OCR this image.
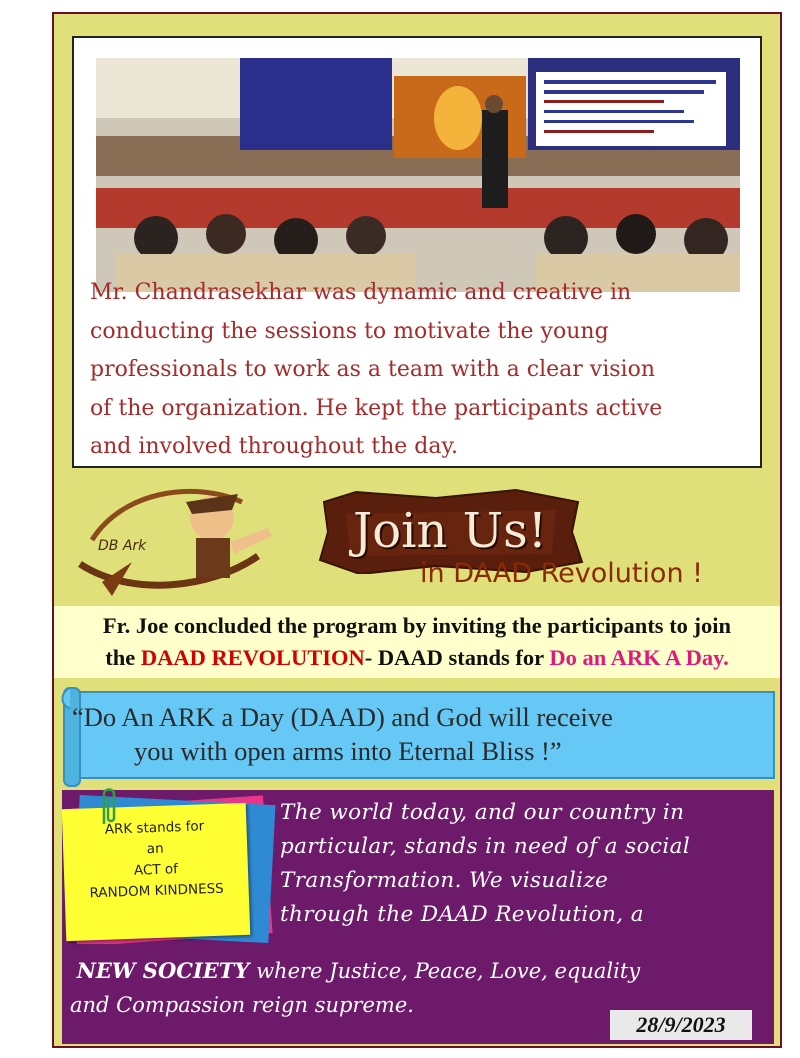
Mr. Chandrasekhar was dynamic and creative in
conducting the sessions to motivate the young
professionals to work as a team with a clear vision
of the organization. He kept the participants active
and involved throughout the day.

DB Ark	Join Us!
in DAAD Revolution !
Fr. Joe concluded the program by inviting the participants to join
the DAAD REVOLUTION- DAAD stands for Do an ARK A Day.
“Do An ARK a Day (DAAD) and God will receive
you with open arms into Eternal Bliss !”
ARK stands for
an
ACT of
RANDOM KINDNESS

The world today, and our country in
particular, stands in need of a social
Transformation. We visualize
through the DAAD Revolution, a

NEW SOCIETY where Justice, Peace, Love, equality
and Compassion reign supreme.

28/9/2023
